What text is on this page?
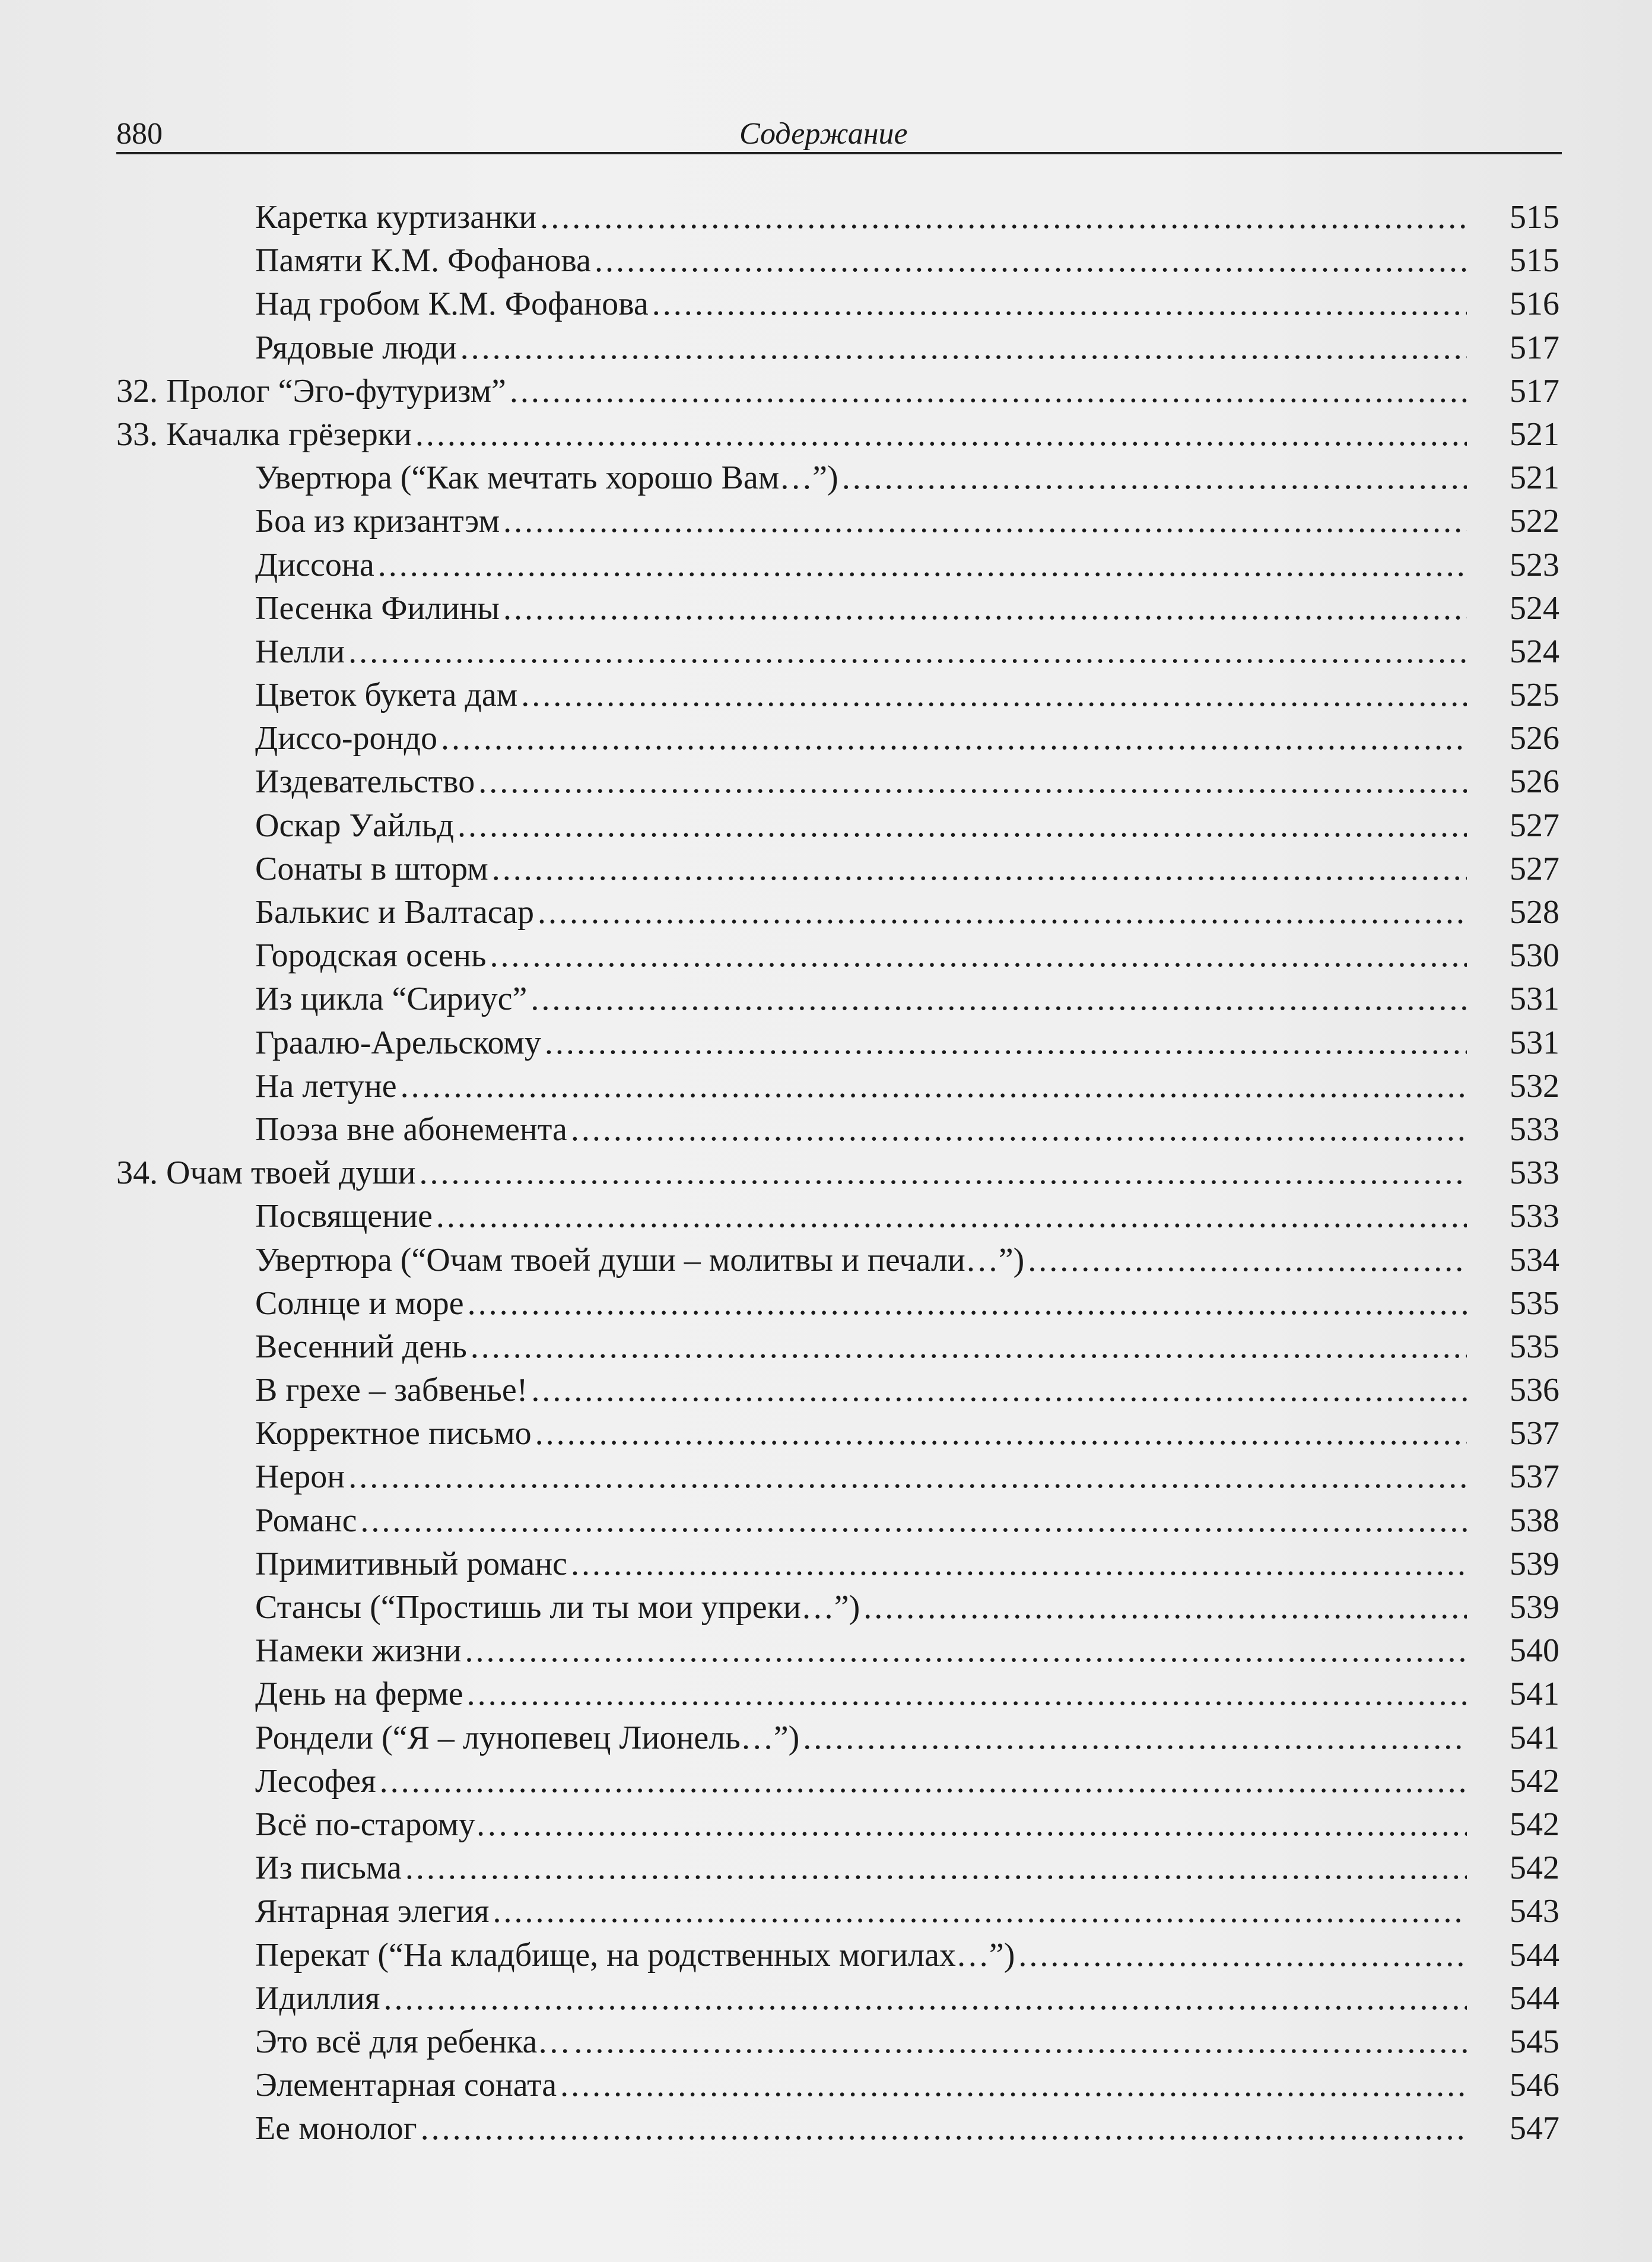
880	Содержание
Каретка куртизанки .....	515
Памяти К.М. Фофанова .....	515
Над гробом К.М. Фофанова .....	516
Рядовые люди .....	517
32. Пролог “Эго-футуризм” .....	517
33. Качалка грёзерки .....	521
Увертюра (“Как мечтать хорошо Вам…”) .....	521
Боа из кризантэм .....	522
Диссона .....	523
Песенка Филины .....	524
Нелли .....	524
Цветок букета дам .....	525
Диссо-рондо .....	526
Издевательство .....	526
Оскар Уайльд .....	527
Сонаты в шторм .....	527
Балькис и Валтасар .....	528
Городская осень .....	530
Из цикла “Сириус” .....	531
Граалю-Арельскому .....	531
На летуне .....	532
Поэза вне абонемента .....	533
34. Очам твоей души .....	533
Посвящение .....	533
Увертюра (“Очам твоей души – молитвы и печали…”) .....	534
Солнце и море .....	535
Весенний день .....	535
В грехе – забвенье! .....	536
Корректное письмо .....	537
Нерон .....	537
Романс .....	538
Примитивный романс .....	539
Стансы (“Простишь ли ты мои упреки…”) .....	539
Намеки жизни .....	540
День на ферме .....	541
Рондели (“Я – лунопевец Лионель…”) .....	541
Лесофея .....	542
Всё по-старому… .....	542
Из письма .....	542
Янтарная элегия .....	543
Перекат (“На кладбище, на родственных могилах…”) .....	544
Идиллия .....	544
Это всё для ребенка… .....	545
Элементарная соната .....	546
Ее монолог .....	547
